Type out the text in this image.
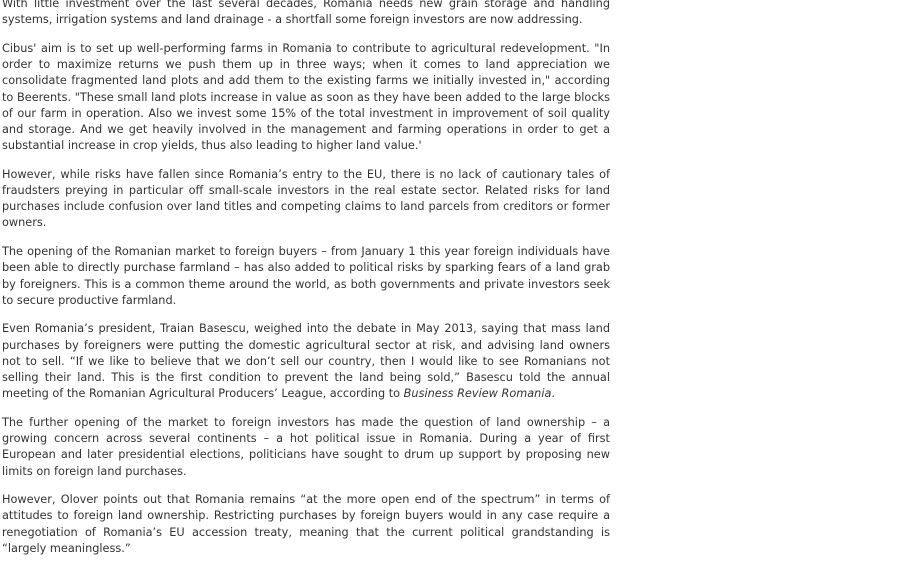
With little investment over the last several decades, Romania needs new grain storage and handling systems, irrigation systems and land drainage - a shortfall some foreign investors are now addressing.

Cibus' aim is to set up well-performing farms in Romania to contribute to agricultural redevelopment. "In order to maximize returns we push them up in three ways; when it comes to land appreciation we consolidate fragmented land plots and add them to the existing farms we initially invested in," according to Beerents. "These small land plots increase in value as soon as they have been added to the large blocks of our farm in operation. Also we invest some 15% of the total investment in improvement of soil quality and storage. And we get heavily involved in the management and farming operations in order to get a substantial increase in crop yields, thus also leading to higher land value.'

However, while risks have fallen since Romania’s entry to the EU, there is no lack of cautionary tales of fraudsters preying in particular off small-scale investors in the real estate sector. Related risks for land purchases include confusion over land titles and competing claims to land parcels from creditors or former owners.

The opening of the Romanian market to foreign buyers – from January 1 this year foreign individuals have been able to directly purchase farmland – has also added to political risks by sparking fears of a land grab by foreigners. This is a common theme around the world, as both governments and private investors seek to secure productive farmland.

Even Romania’s president, Traian Basescu, weighed into the debate in May 2013, saying that mass land purchases by foreigners were putting the domestic agricultural sector at risk, and advising land owners not to sell. “If we like to believe that we don’t sell our country, then I would like to see Romanians not selling their land. This is the first condition to prevent the land being sold,” Basescu told the annual meeting of the Romanian Agricultural Producers’ League, according to Business Review Romania.

The further opening of the market to foreign investors has made the question of land ownership – a growing concern across several continents – a hot political issue in Romania. During a year of first European and later presidential elections, politicians have sought to drum up support by proposing new limits on foreign land purchases.

However, Olover points out that Romania remains “at the more open end of the spectrum” in terms of attitudes to foreign land ownership. Restricting purchases by foreign buyers would in any case require a renegotiation of Romania’s EU accession treaty, meaning that the current political grandstanding is “largely meaningless.”
